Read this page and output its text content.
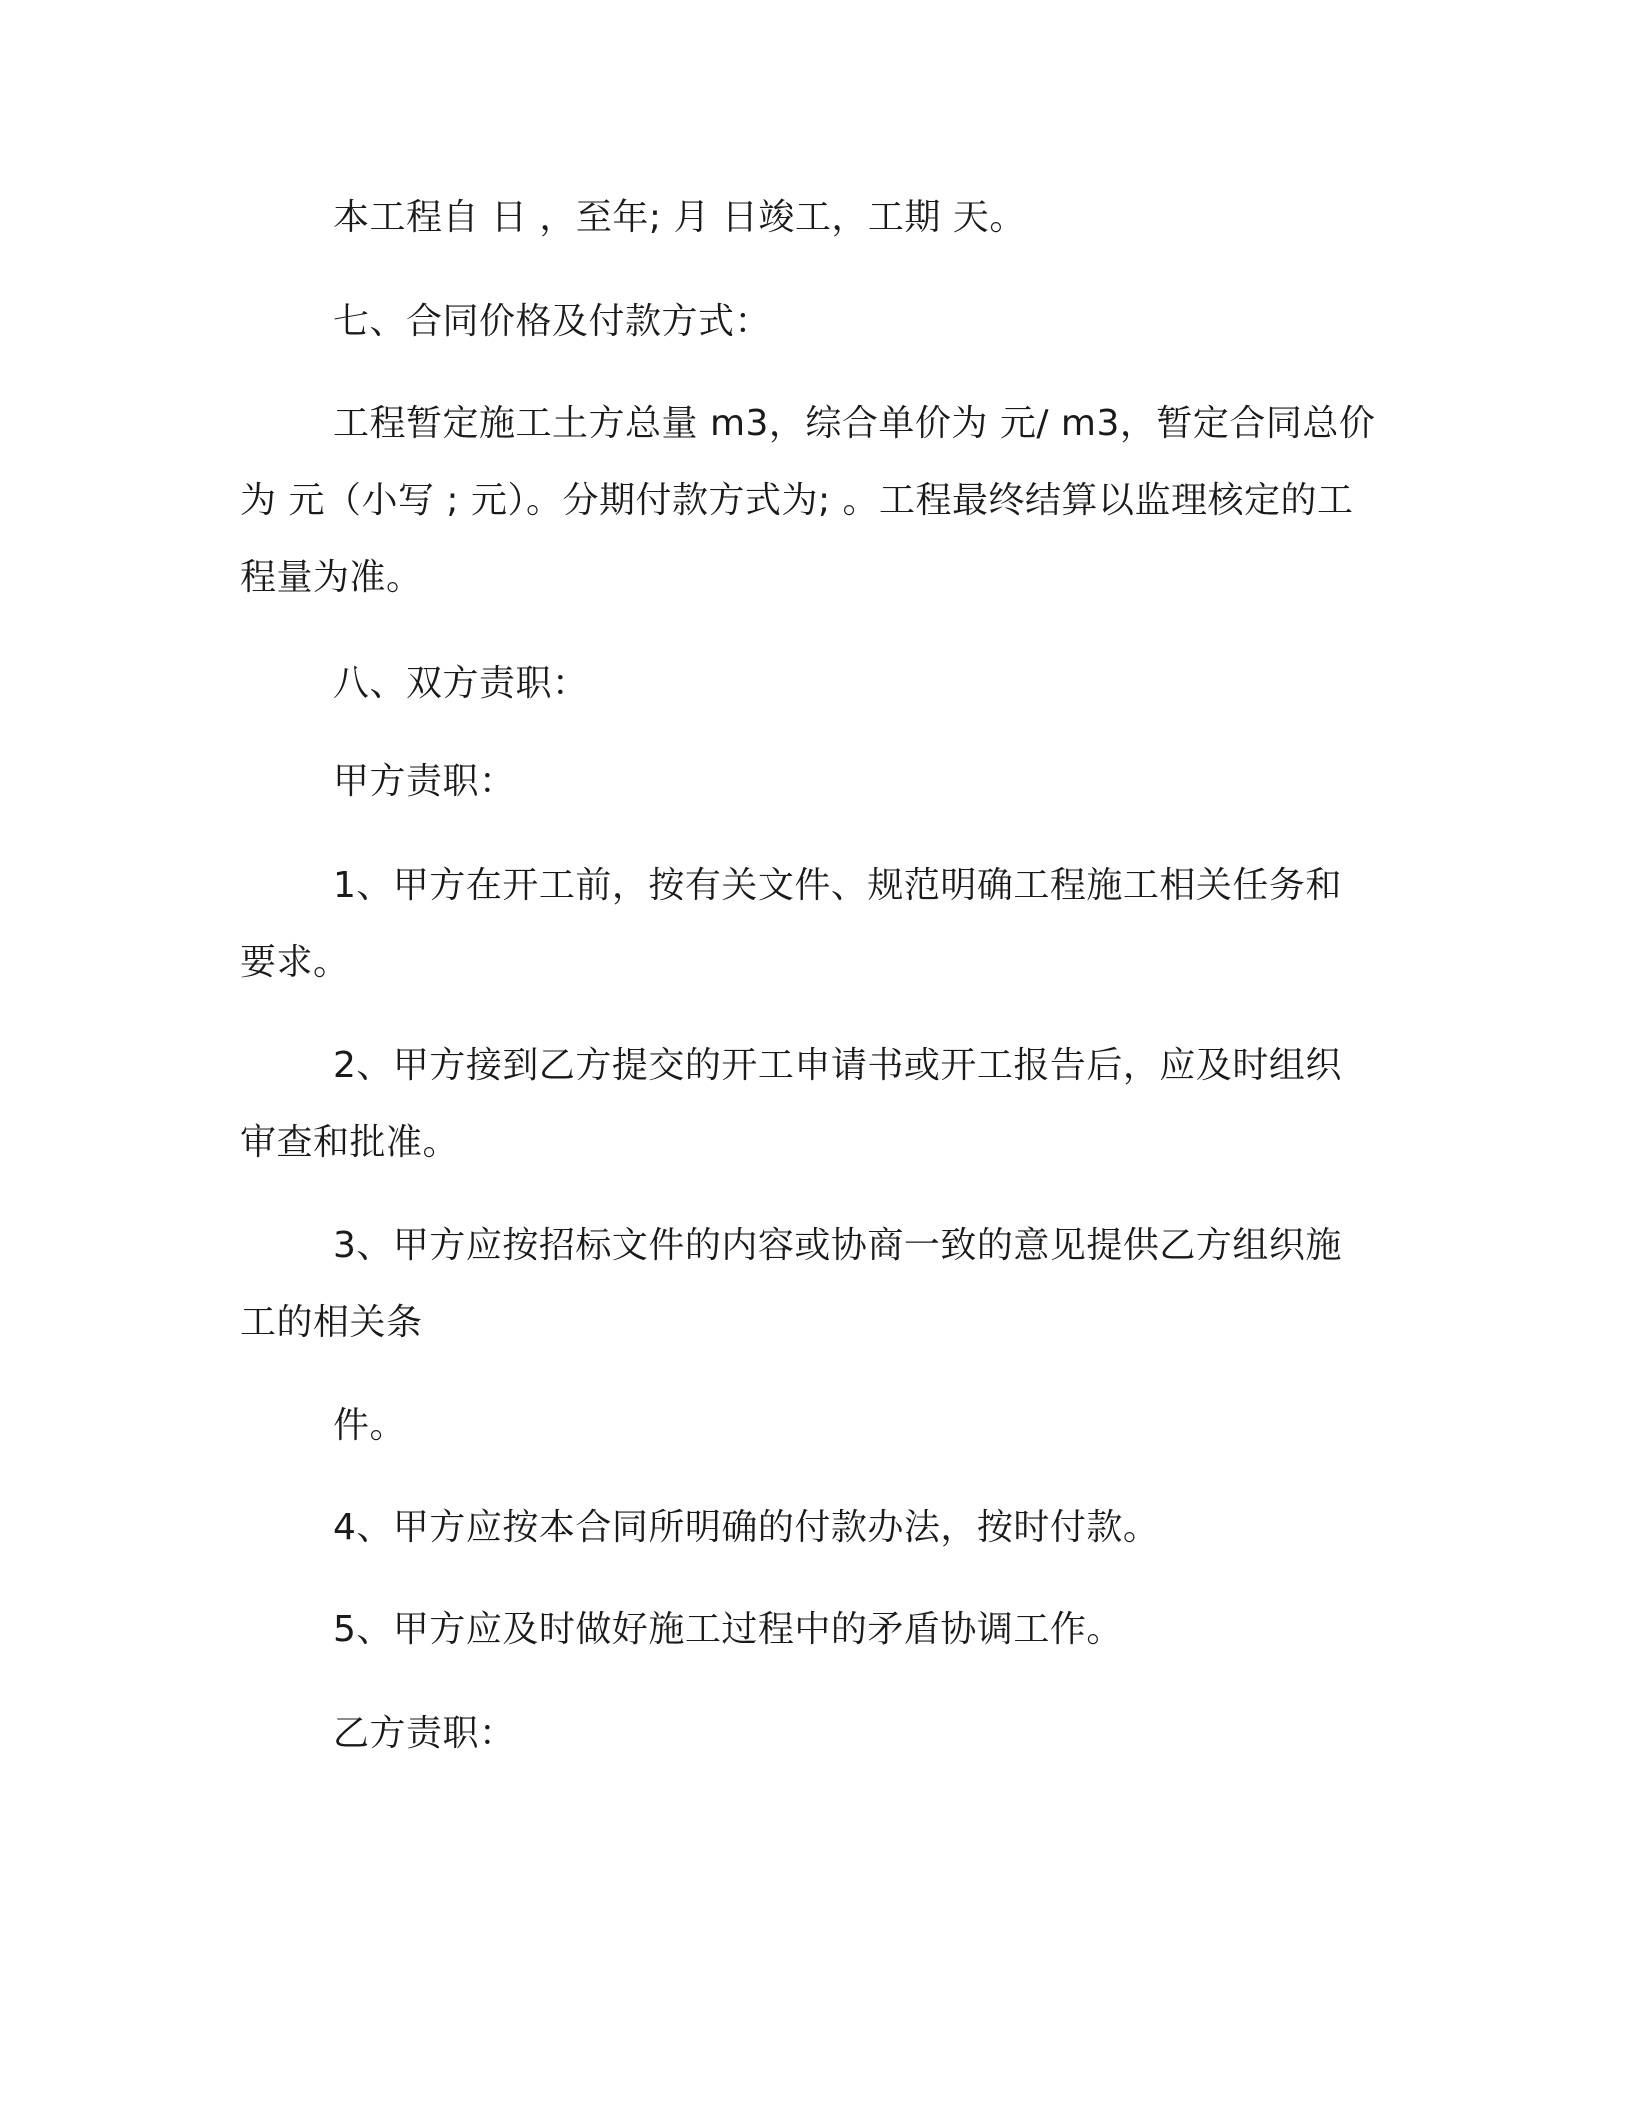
本工程自 日 ，至年; 月 日竣工，工期 天。
七、合同价格及付款方式：
工程暂定施工土方总量 m3，综合单价为 元/ m3，暂定合同总价
为 元（小写 ; 元）。分期付款方式为; 。工程最终结算以监理核定的工
程量为准。
八、双方责职：
甲方责职：
1、甲方在开工前，按有关文件、规范明确工程施工相关任务和
要求。
2、甲方接到乙方提交的开工申请书或开工报告后，应及时组织
审查和批准。
3、甲方应按招标文件的内容或协商一致的意见提供乙方组织施
工的相关条
件。
4、甲方应按本合同所明确的付款办法，按时付款。
5、甲方应及时做好施工过程中的矛盾协调工作。
乙方责职：
